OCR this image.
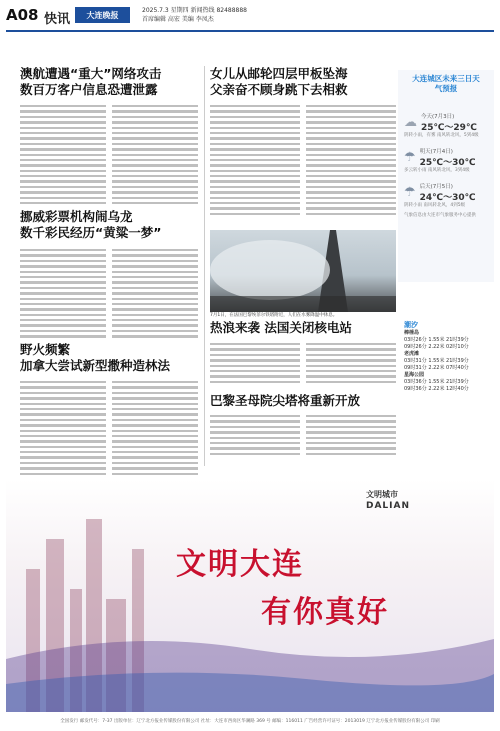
A08 快讯	大连晚报	2025.7.3 星期四 新闻热线 82488888
首席编辑 高宏 美编 李凤杰
澳航遭遇“重大”网络攻击
数百万客户信息恐遭泄露
挪威彩票机构闹乌龙
数千彩民经历“黄粱一梦”
野火频繁
加拿大尝试新型撒种造林法
女儿从邮轮四层甲板坠海
父亲奋不顾身跳下去相救
7月1日，在法国巴黎埃菲尔铁塔附近，人们在水雾降温中休息。
热浪来袭 法国关闭核电站
巴黎圣母院尖塔将重新开放
大连城区未来三日天气预报
☁ 今天(7月3日)
25℃～29℃
阴转小雨，有雾 南风转北风，5到4级
☂ 明天(7月4日)
25℃～30℃
多云转小雨 南风转北风，3到4级
☂ 后天(7月5日)
24℃～30℃
阴转小雨 南风转北风，4到5级
气象信息由大连市气象服务中心提供
潮汐
棒棰岛
03时26分 1.55米 21时39分
09时26分 2.22米 02时10分
老虎滩
03时31分 1.55米 21时39分
09时31分 2.22米 07时40分
星海公园
03时36分 1.55米 21时39分
09时36分 2.22米 12时40分
文明城市
DALIAN
文明大连
有你真好
全国发行 邮发代号：7-37 出版单位：辽宁北方报业传媒股份有限公司 社址：大连市西岗区华澜路 369 号 邮编：116011 广告经营许可证号：2013019 辽宁北方报业传媒股份有限公司 印刷
